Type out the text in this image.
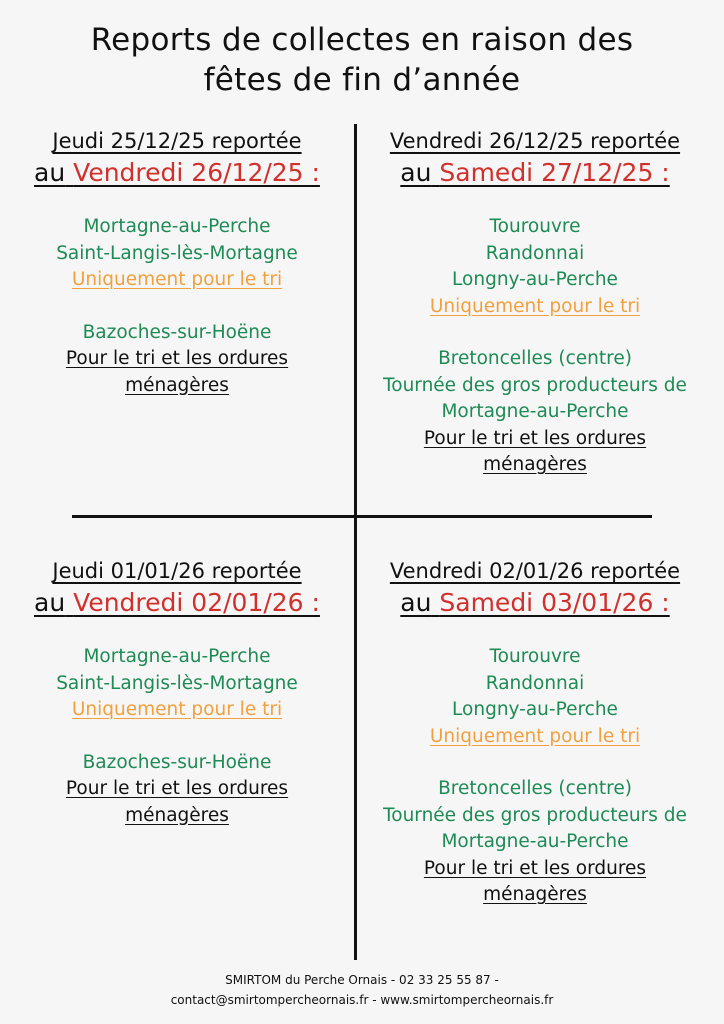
Reports de collectes en raison des
fêtes de fin d’année
Jeudi 25/12/25 reportée
au Vendredi 26/12/25 :
Mortagne-au-Perche
Saint-Langis-lès-Mortagne
Uniquement pour le tri
Bazoches-sur-Hoëne
Pour le tri et les ordures
ménagères
Vendredi 26/12/25 reportée
au Samedi 27/12/25 :
Tourouvre
Randonnai
Longny-au-Perche
Uniquement pour le tri
Bretoncelles (centre)
Tournée des gros producteurs de
Mortagne-au-Perche
Pour le tri et les ordures
ménagères
Jeudi 01/01/26 reportée
au Vendredi 02/01/26 :
Mortagne-au-Perche
Saint-Langis-lès-Mortagne
Uniquement pour le tri
Bazoches-sur-Hoëne
Pour le tri et les ordures
ménagères
Vendredi 02/01/26 reportée
au Samedi 03/01/26 :
Tourouvre
Randonnai
Longny-au-Perche
Uniquement pour le tri
Bretoncelles (centre)
Tournée des gros producteurs de
Mortagne-au-Perche
Pour le tri et les ordures
ménagères
SMIRTOM du Perche Ornais - 02 33 25 55 87 -
contact@smirtompercheornais.fr - www.smirtompercheornais.fr
